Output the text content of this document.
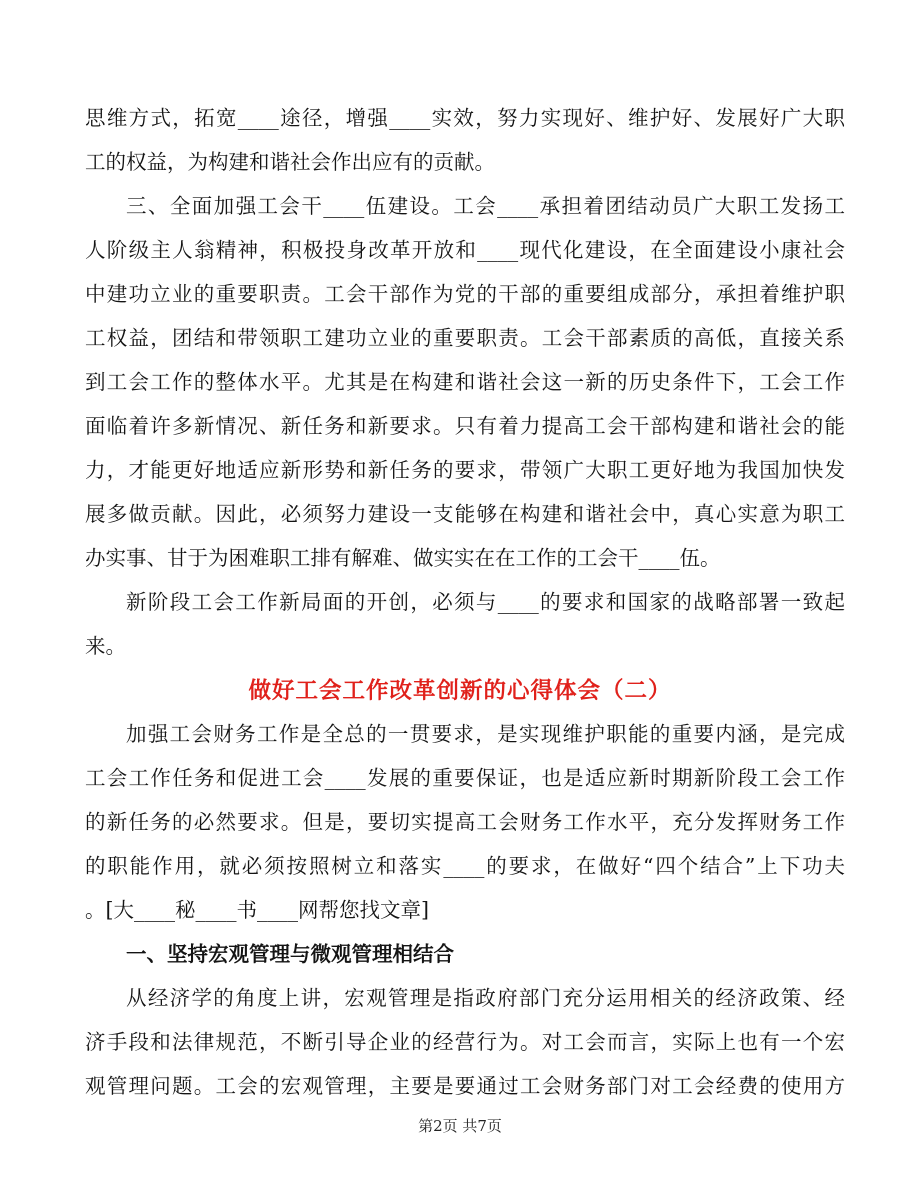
思维方式，拓宽____途径，增强____实效，努力实现好、维护好、发展好广大职
工的权益，为构建和谐社会作出应有的贡献。
三、全面加强工会干____伍建设。工会____承担着团结动员广大职工发扬工
人阶级主人翁精神，积极投身改革开放和____现代化建设，在全面建设小康社会
中建功立业的重要职责。工会干部作为党的干部的重要组成部分，承担着维护职
工权益，团结和带领职工建功立业的重要职责。工会干部素质的高低，直接关系
到工会工作的整体水平。尤其是在构建和谐社会这一新的历史条件下，工会工作
面临着许多新情况、新任务和新要求。只有着力提高工会干部构建和谐社会的能
力，才能更好地适应新形势和新任务的要求，带领广大职工更好地为我国加快发
展多做贡献。因此，必须努力建设一支能够在构建和谐社会中，真心实意为职工
办实事、甘于为困难职工排有解难、做实实在在工作的工会干____伍。
新阶段工会工作新局面的开创，必须与____的要求和国家的战略部署一致起
来。
做好工会工作改革创新的心得体会（二）
加强工会财务工作是全总的一贯要求，是实现维护职能的重要内涵，是完成
工会工作任务和促进工会____发展的重要保证，也是适应新时期新阶段工会工作
的新任务的必然要求。但是，要切实提高工会财务工作水平，充分发挥财务工作
的职能作用，就必须按照树立和落实____的要求，在做好“四个结合”上下功夫
。[大____秘____书____网帮您找文章]
一、坚持宏观管理与微观管理相结合
从经济学的角度上讲，宏观管理是指政府部门充分运用相关的经济政策、经
济手段和法律规范，不断引导企业的经营行为。对工会而言，实际上也有一个宏
观管理问题。工会的宏观管理，主要是要通过工会财务部门对工会经费的使用方
第2页 共7页
